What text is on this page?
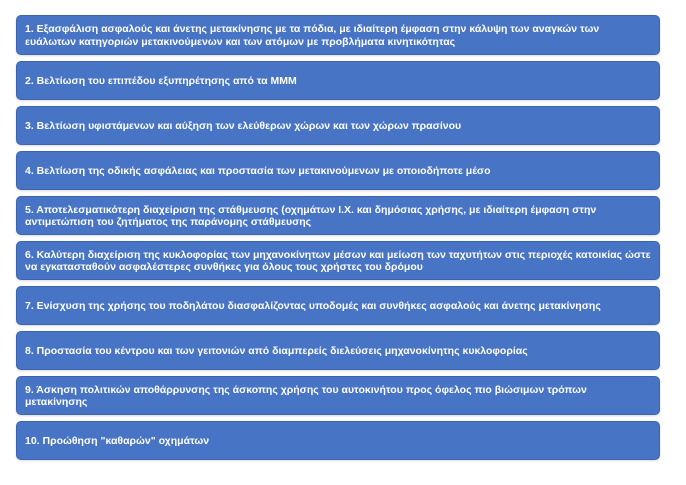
1. Εξασφάλιση ασφαλούς και άνετης μετακίνησης με τα πόδια, με ιδιαίτερη έμφαση στην κάλυψη των αναγκών των ευάλωτων κατηγοριών μετακινούμενων και των ατόμων με προβλήματα κινητικότητας
2. Βελτίωση του επιπέδου εξυπηρέτησης από τα ΜΜΜ
3. Βελτίωση υφιστάμενων και αύξηση των ελεύθερων χώρων και των χώρων πρασίνου
4. Βελτίωση της οδικής ασφάλειας και προστασία των μετακινούμενων με οποιοδήποτε μέσο
5. Αποτελεσματικότερη διαχείριση της στάθμευσης (οχημάτων Ι.Χ. και δημόσιας χρήσης, με ιδιαίτερη έμφαση στην αντιμετώπιση του ζητήματος της παράνομης στάθμευσης
6. Καλύτερη διαχείριση της κυκλοφορίας των μηχανοκίνητων μέσων και μείωση των ταχυτήτων στις περιοχές κατοικίας ώστε να εγκατασταθούν ασφαλέστερες συνθήκες για όλους τους χρήστες του δρόμου
7. Ενίσχυση της χρήσης του ποδηλάτου διασφαλίζοντας υποδομές και συνθήκες ασφαλούς και άνετης μετακίνησης
8. Προστασία του κέντρου και των γειτονιών από διαμπερείς διελεύσεις μηχανοκίνητης κυκλοφορίας
9. Άσκηση πολιτικών αποθάρρυνσης της άσκοπης χρήσης του αυτοκινήτου προς όφελος πιο βιώσιμων τρόπων μετακίνησης
10. Προώθηση "καθαρών" οχημάτων
